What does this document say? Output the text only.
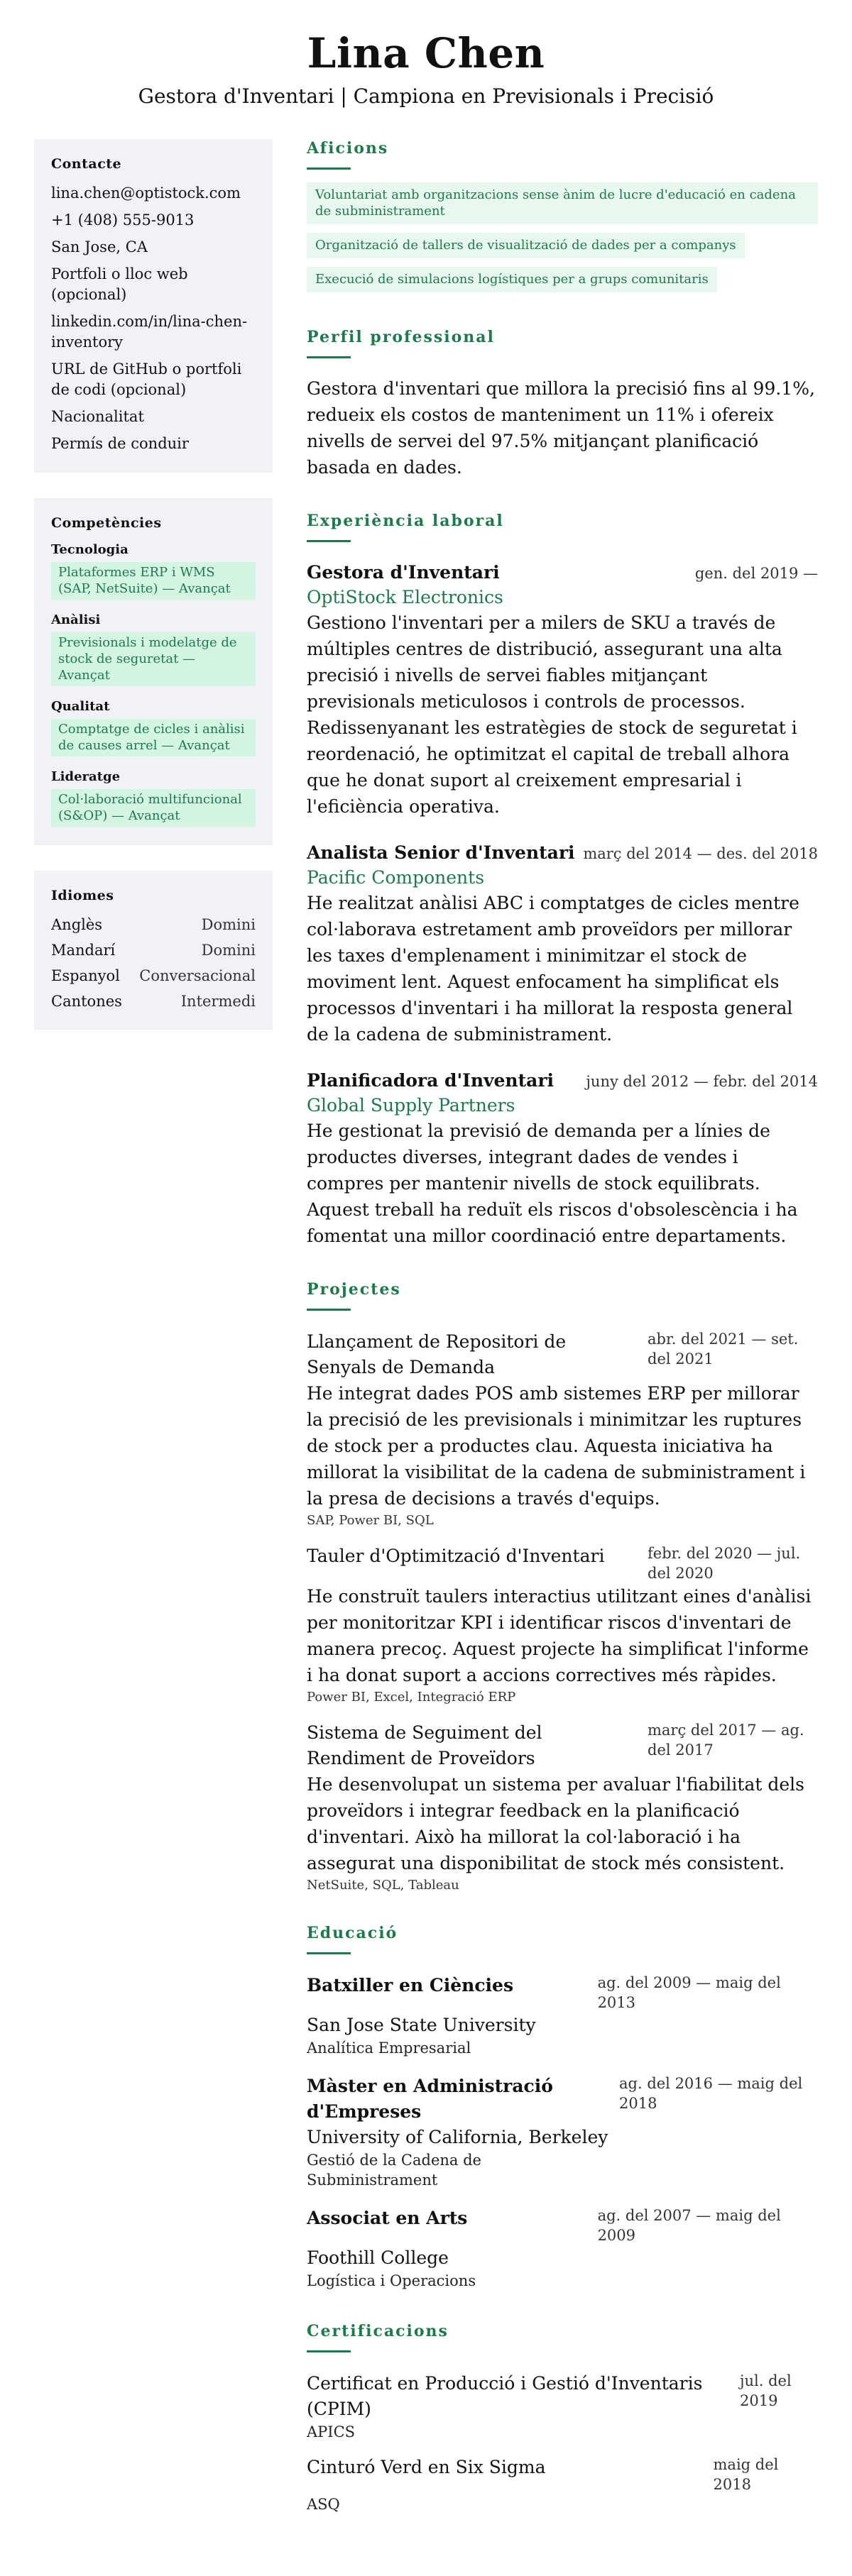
Lina Chen
Gestora d'Inventari | Campiona en Previsionals i Precisió
Contacte
lina.chen@optistock.com
+1 (408) 555-9013
San Jose, CA
Portfoli o lloc web (opcional)
linkedin.com/in/lina-chen-inventory
URL de GitHub o portfoli de codi (opcional)
Nacionalitat
Permís de conduir
Competències
Tecnologia
Plataformes ERP i WMS (SAP, NetSuite) — Avançat
Anàlisi
Previsionals i modelatge de stock de seguretat — Avançat
Qualitat
Comptatge de cicles i anàlisi de causes arrel — Avançat
Lideratge
Col·laboració multifuncional (S&OP) — Avançat
Idiomes
Anglès	Domini
Mandarí	Domini
Espanyol Conversacional
Cantones	Intermedi
Aficions
Voluntariat amb organitzacions sense ànim de lucre d'educació en cadena de subministrament Organització de tallers de visualització de dades per a companys Execució de simulacions logístiques per a grups comunitaris
Perfil professional
Gestora d'inventari que millora la precisió fins al 99.1%, redueix els costos de manteniment un 11% i ofereix nivells de servei del 97.5% mitjançant planificació basada en dades.
Experiència laboral
Gestora d'Inventari	gen. del 2019 —
OptiStock Electronics
Gestiono l'inventari per a milers de SKU a través de múltiples centres de distribució, assegurant una alta precisió i nivells de servei fiables mitjançant previsionals meticulosos i controls de processos. Redissenyanant les estratègies de stock de seguretat i reordenació, he optimitzat el capital de treball alhora que he donat suport al creixement empresarial i l'eficiència operativa.
Analista Senior d'Inventari març del 2014 — des. del 2018
Pacific Components
He realitzat anàlisi ABC i comptatges de cicles mentre col·laborava estretament amb proveïdors per millorar les taxes d'emplenament i minimitzar el stock de moviment lent. Aquest enfocament ha simplificat els processos d'inventari i ha millorat la resposta general de la cadena de subministrament.
Planificadora d'Inventari juny del 2012 — febr. del 2014
Global Supply Partners
He gestionat la previsió de demanda per a línies de productes diverses, integrant dades de vendes i compres per mantenir nivells de stock equilibrats. Aquest treball ha reduït els riscos d'obsolescència i ha fomentat una millor coordinació entre departaments.
Projectes
Llançament de Repositori de Senyals de Demanda
abr. del 2021 — set. del 2021
He integrat dades POS amb sistemes ERP per millorar la precisió de les previsionals i minimitzar les ruptures de stock per a productes clau. Aquesta iniciativa ha millorat la visibilitat de la cadena de subministrament i la presa de decisions a través d'equips.
SAP, Power BI, SQL
Tauler d'Optimització d'Inventari	febr. del 2020 — jul. del 2020
He construït taulers interactius utilitzant eines d'anàlisi per monitoritzar KPI i identificar riscos d'inventari de manera precoç. Aquest projecte ha simplificat l'informe i ha donat suport a accions correctives més ràpides.
Power BI, Excel, Integració ERP
Sistema de Seguiment del Rendiment de Proveïdors
març del 2017 — ag. del 2017
He desenvolupat un sistema per avaluar l'fiabilitat dels proveïdors i integrar feedback en la planificació d'inventari. Això ha millorat la col·laboració i ha assegurat una disponibilitat de stock més consistent.
NetSuite, SQL, Tableau
Educació
Batxiller en Ciències	ag. del 2009 — maig del 2013
San Jose State University
Analítica Empresarial
Màster en Administració d'Empreses
ag. del 2016 — maig del 2018
University of California, Berkeley
Gestió de la Cadena de Subministrament
Associat en Arts	ag. del 2007 — maig del 2009
Foothill College
Logística i Operacions
Certificacions
Certificat en Producció i Gestió d'Inventaris (CPIM)
jul. del 2019
APICS
Cinturó Verd en Six Sigma	maig del 2018
ASQ
